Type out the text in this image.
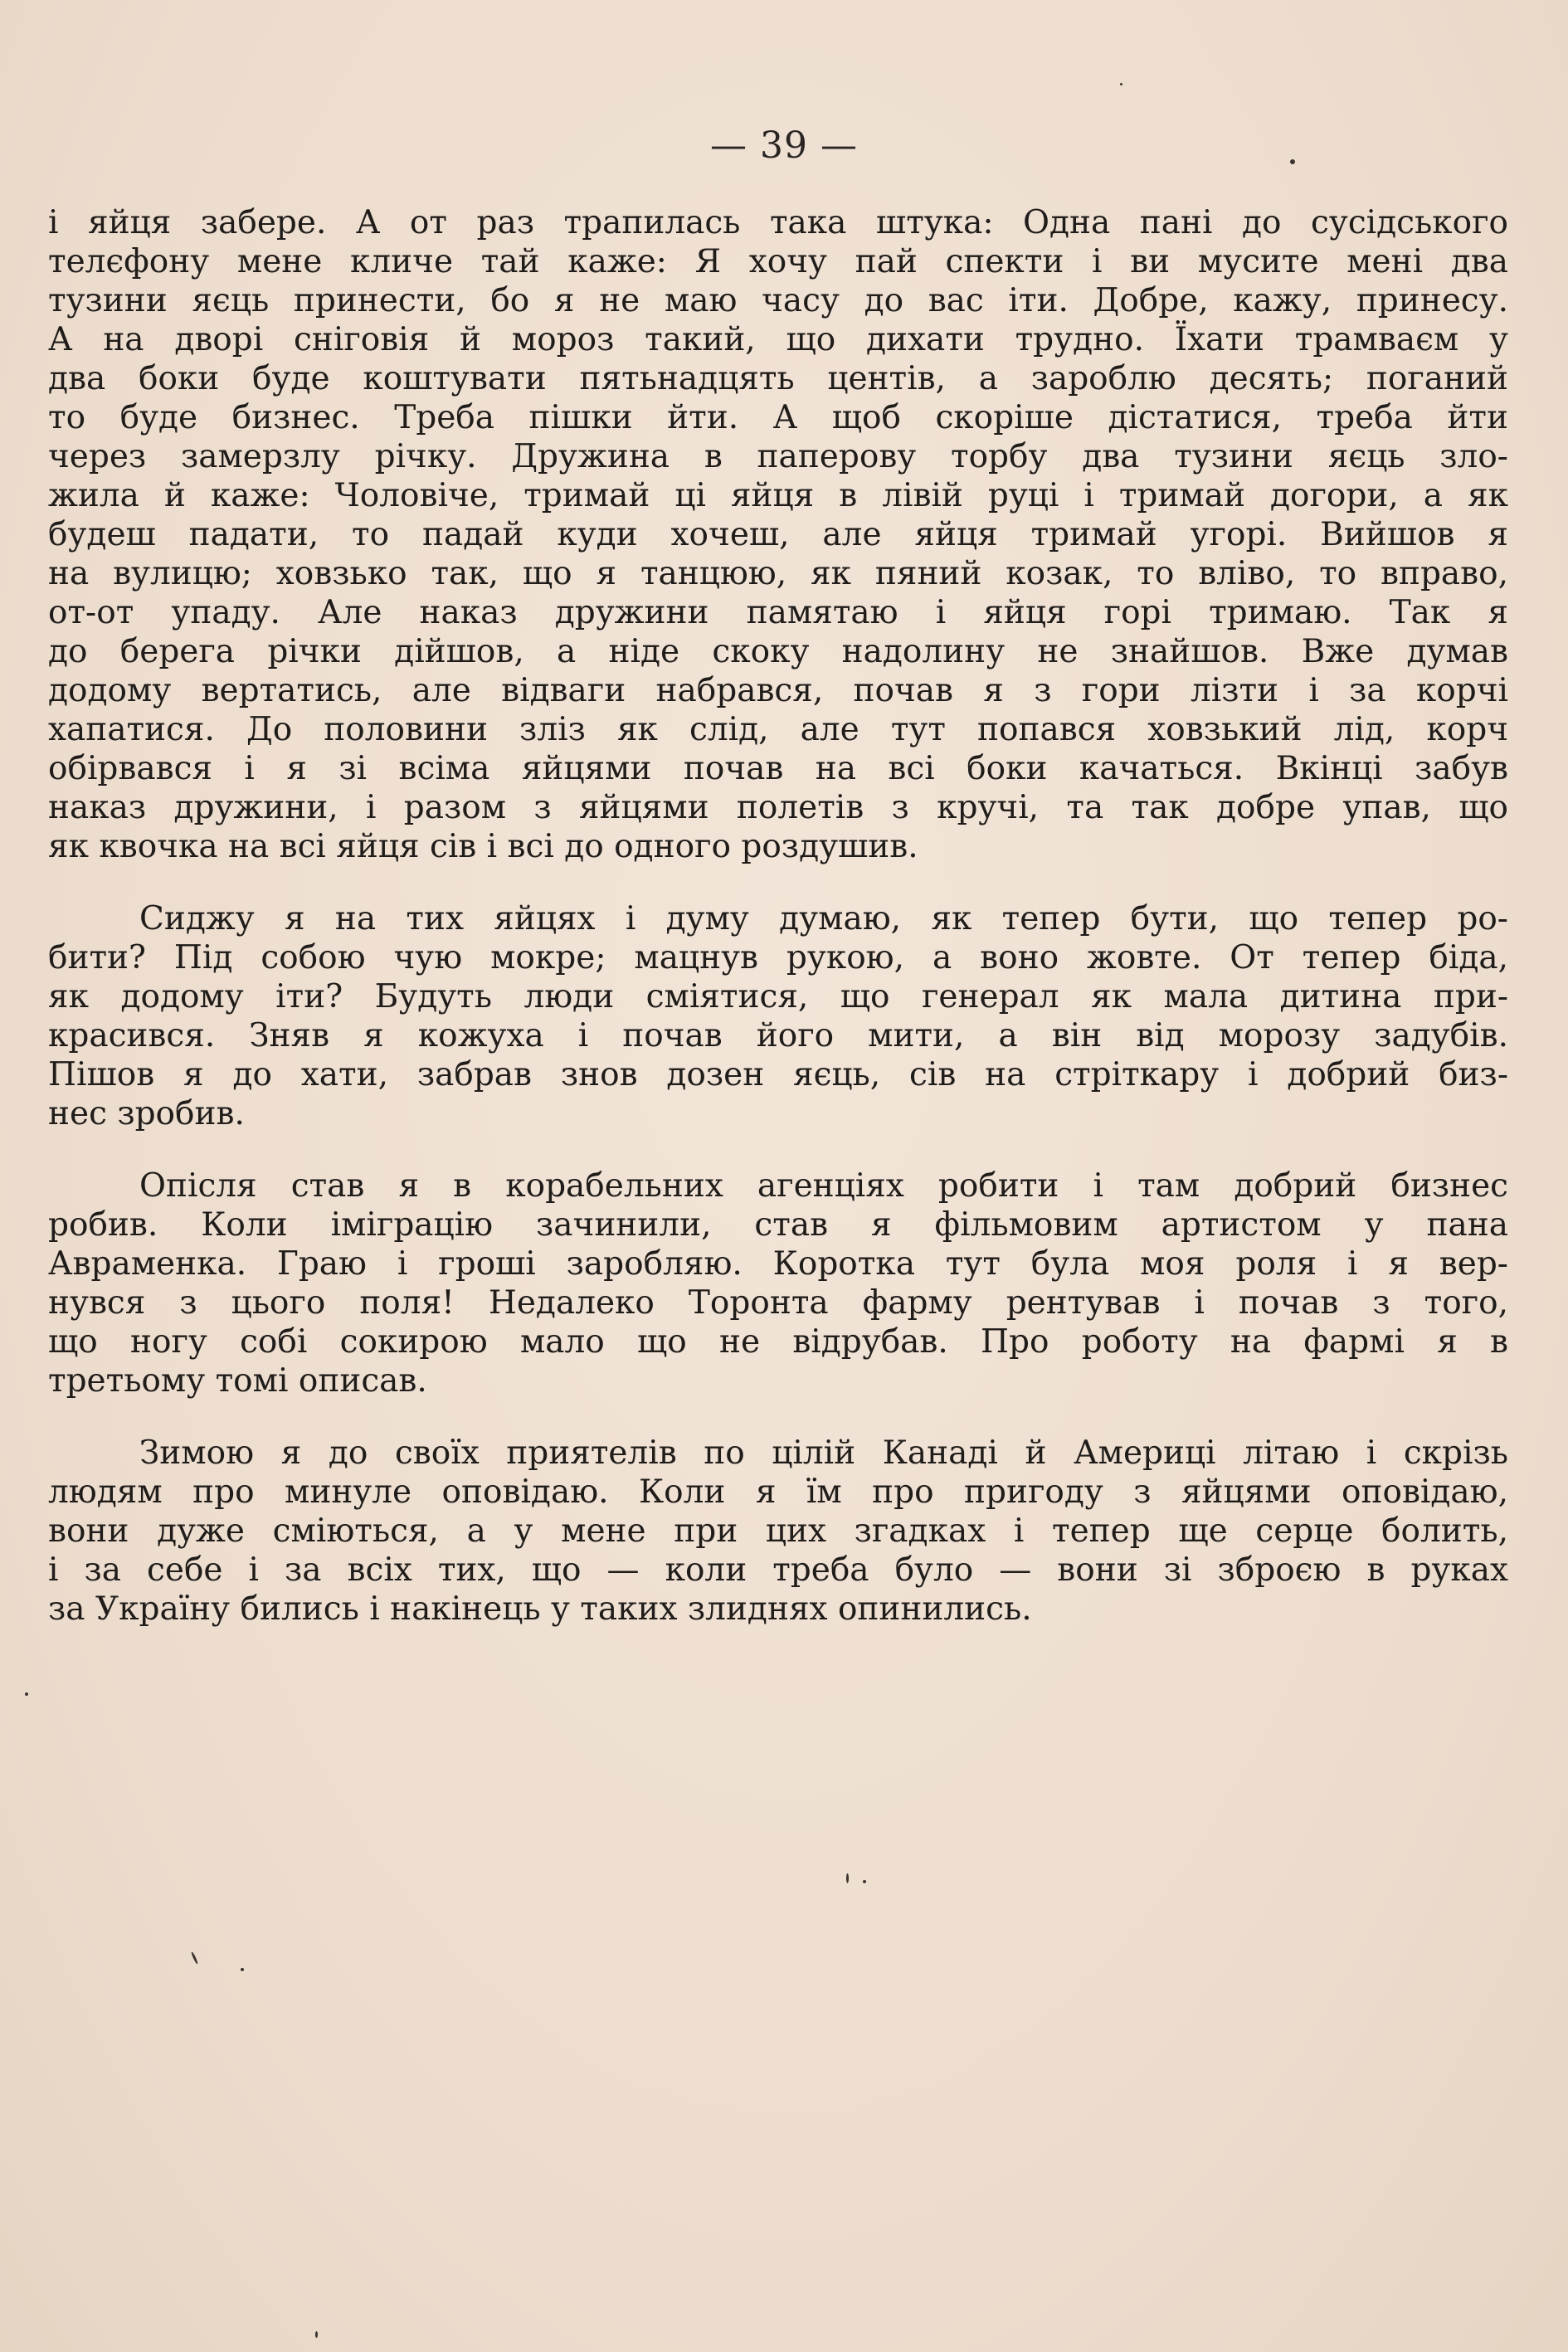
— 39 —

і яйця забере. А от раз трапилась така штука: Одна пані до сусідського
телєфону мене кличе тай каже: Я хочу пай спекти і ви мусите мені два
тузини яєць принести, бо я не маю часу до вас іти. Добре, кажу, принесу.
А на дворі сніговія й мороз такий, що дихати трудно. Їхати трамваєм у
два боки буде коштувати пятьнадцять центів, а зароблю десять; поганий
то буде бизнес. Треба пішки йти. А щоб скоріше дістатися, треба йти
через замерзлу річку. Дружина в паперову торбу два тузини яєць зло-
жила й каже: Чоловіче, тримай ці яйця в лівій руці і тримай догори, а як
будеш падати, то падай куди хочеш, але яйця тримай угорі. Вийшов я
на вулицю; ховзько так, що я танцюю, як пяний козак, то вліво, то вправо,
от-от упаду. Але наказ дружини памятаю і яйця горі тримаю. Так я
до берега річки дійшов, а ніде скоку надолину не знайшов. Вже думав
додому вертатись, але відваги набрався, почав я з гори лізти і за корчі
хапатися. До половини зліз як слід, але тут попався ховзький лід, корч
обірвався і я зі всіма яйцями почав на всі боки качаться. Вкінці забув
наказ дружини, і разом з яйцями полетів з кручі, та так добре упав, що
як квочка на всі яйця сів і всі до одного роздушив.

Сиджу я на тих яйцях і думу думаю, як тепер бути, що тепер ро-
бити? Під собою чую мокре; мацнув рукою, а воно жовте. От тепер біда,
як додому іти? Будуть люди сміятися, що генерал як мала дитина при-
красився. Зняв я кожуха і почав його мити, а він від морозу задубів.
Пішов я до хати, забрав знов дозен яєць, сів на стріткару і добрий биз-
нес зробив.

Опісля став я в корабельних агенціях робити і там добрий бизнес
робив. Коли іміграцію зачинили, став я фільмовим артистом у пана
Авраменка. Граю і гроші заробляю. Коротка тут була моя роля і я вер-
нувся з цього поля! Недалеко Торонта фарму рентував і почав з того,
що ногу собі сокирою мало що не відрубав. Про роботу на фармі я в
третьому томі описав.

Зимою я до своїх приятелів по цілій Канаді й Америці літаю і скрізь
людям про минуле оповідаю. Коли я їм про пригоду з яйцями оповідаю,
вони дуже сміються, а у мене при цих згадках і тепер ще серце болить,
і за себе і за всіх тих, що — коли треба було — вони зі зброєю в руках
за Україну бились і накінець у таких злиднях опинились.
